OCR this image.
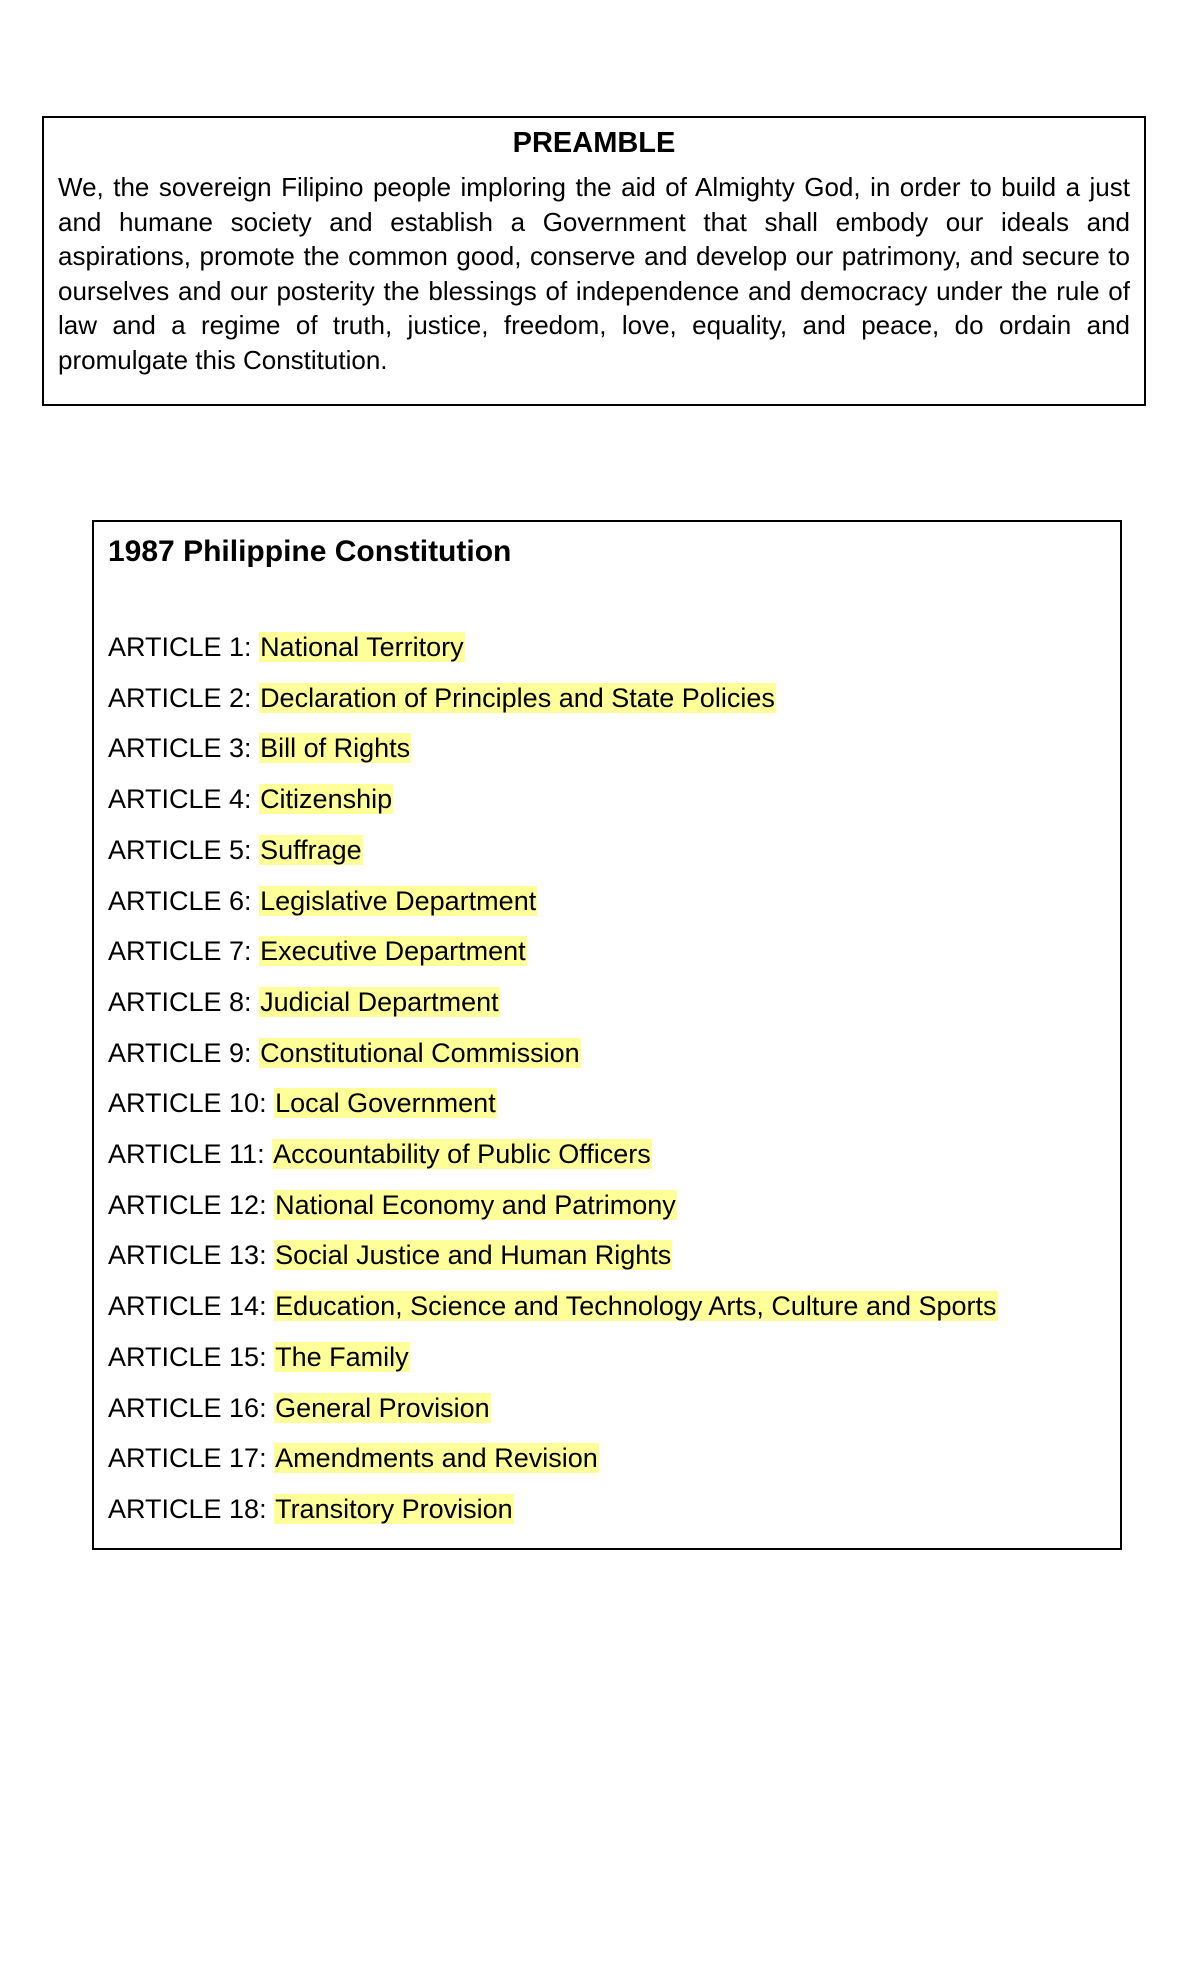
PREAMBLE

We, the sovereign Filipino people imploring the aid of Almighty God, in order to build a just and humane society and establish a Government that shall embody our ideals and aspirations, promote the common good, conserve and develop our patrimony, and secure to ourselves and our posterity the blessings of independence and democracy under the rule of law and a regime of truth, justice, freedom, love, equality, and peace, do ordain and promulgate this Constitution.

1987 Philippine Constitution
ARTICLE 1: National Territory
ARTICLE 2: Declaration of Principles and State Policies
ARTICLE 3: Bill of Rights
ARTICLE 4: Citizenship
ARTICLE 5: Suffrage
ARTICLE 6: Legislative Department
ARTICLE 7: Executive Department
ARTICLE 8: Judicial Department
ARTICLE 9: Constitutional Commission
ARTICLE 10: Local Government
ARTICLE 11: Accountability of Public Officers
ARTICLE 12: National Economy and Patrimony
ARTICLE 13: Social Justice and Human Rights
ARTICLE 14: Education, Science and Technology Arts, Culture and Sports
ARTICLE 15: The Family
ARTICLE 16: General Provision
ARTICLE 17: Amendments and Revision
ARTICLE 18: Transitory Provision
